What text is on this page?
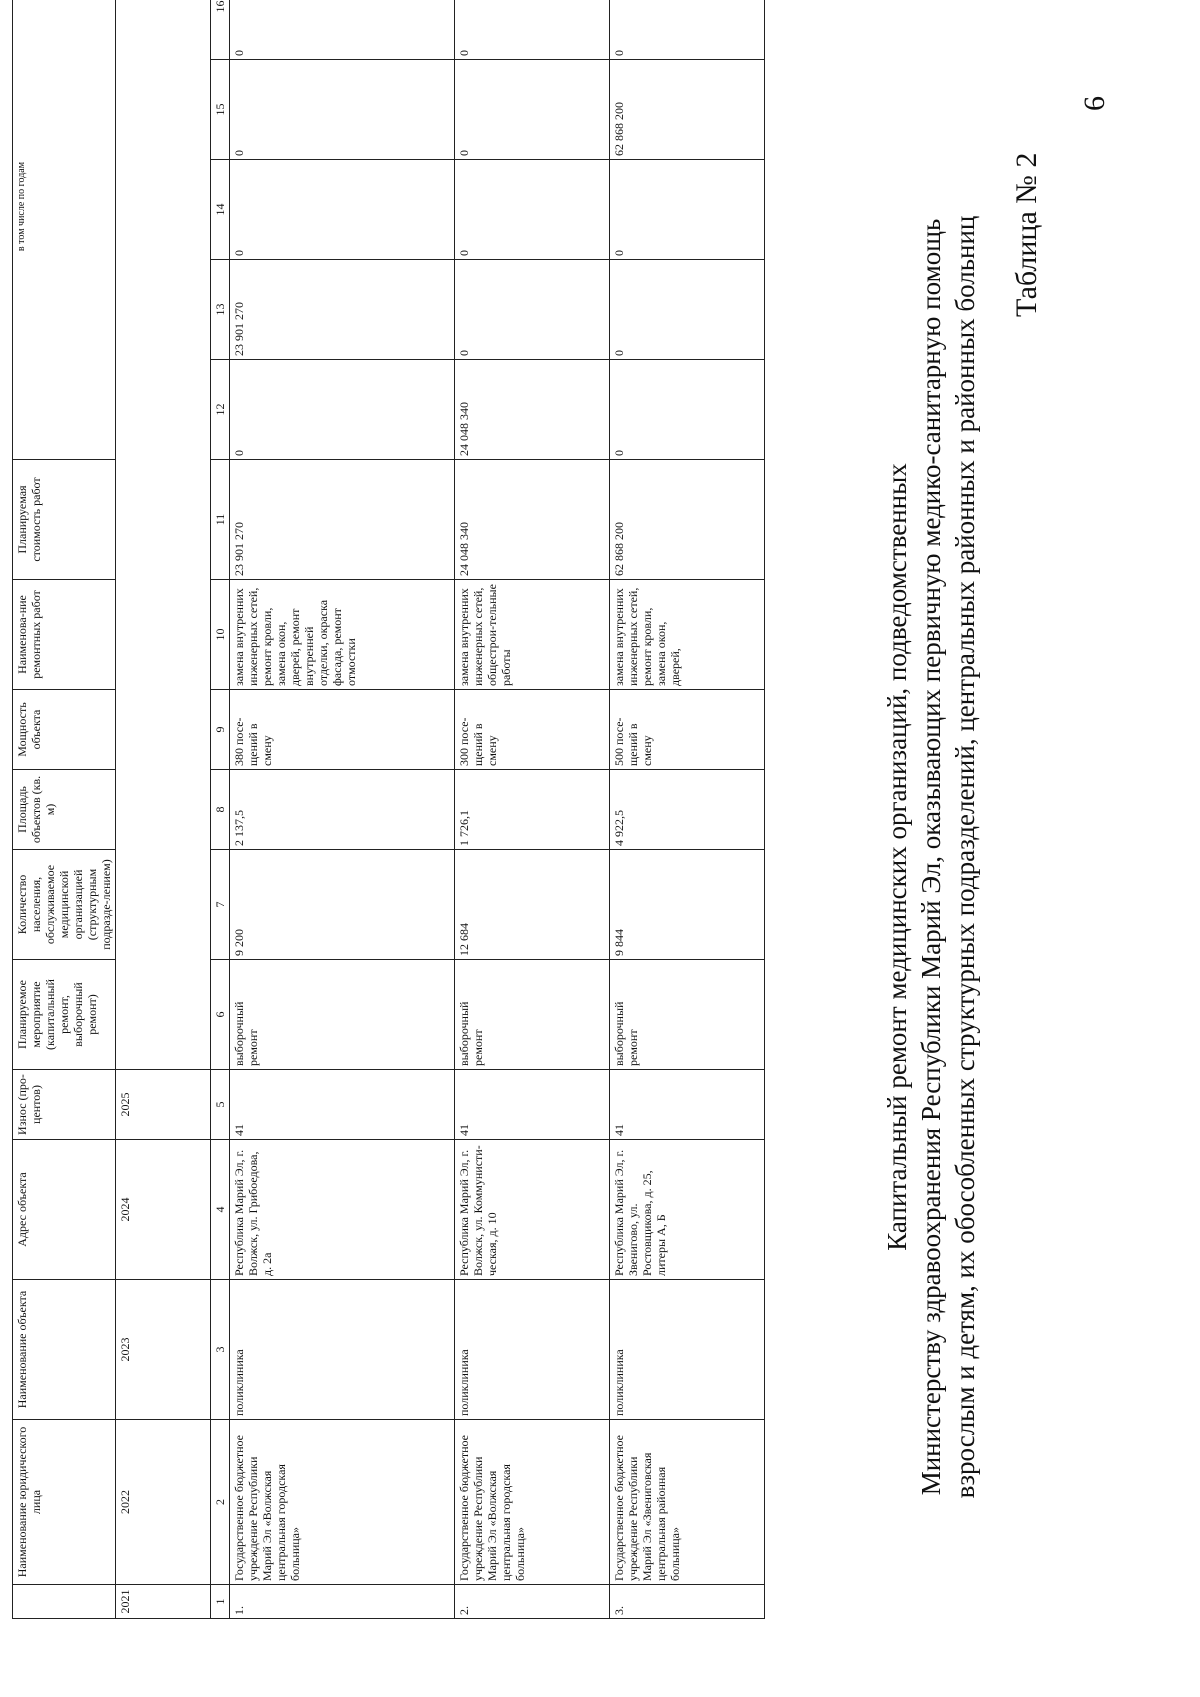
6
Таблица № 2
Капитальный ремонт медицинских организаций, подведомственных Министерству здравоохранения Республики Марий Эл, оказывающих первичную медико-санитарную помощь взрослым и детям, их обособленных структурных подразделений, центральных районных и районных больниц
3.	Государственное бюджетное учреждение Республики Марий Эл «Звениговская центральная районная больница»	поликлиника	Республика Марий Эл, г. Звенигово, ул. Ростовщикова, д. 25, литеры А, Б	41	выборочный ремонт	9 844	4 922,5	500 посе-щений в смену	замена внутренних инженерных сетей, ремонт кровли, замена окон, дверей,	62 868 200	0	0	0	62 868 200	0
2.	Государственное бюджетное учреждение Республики Марий Эл «Волжская центральная городская больница»	поликлиника	Республика Марий Эл, г. Волжск, ул. Коммунисти-ческая, д. 10	41	выборочный ремонт	12 684	1 726,1	300 посе-щений в смену	замена внутренних инженерных сетей, общестрои-тельные работы	24 048 340	24 048 340	0	0	0	0
1.	Государственное бюджетное учреждение Республики Марий Эл «Волжская центральная городская больница»	поликлиника	Республика Марий Эл, г. Волжск, ул. Грибоедова, д. 2а	41	выборочный ремонт	9 200	2 137,5	380 посе-щений в смену	замена внутренних инженерных сетей, ремонт кровли, замена окон, дверей, ремонт внутренней отделки, окраска фасада, ремонт отмостки	23 901 270	0	23 901 270	0	0	0
1	2	3	4	5	6	7	8	9	10	11	12	13	14	15	16
2021	2022	2023	2024	2025											
	Наименование юридического лица	Наименование объекта	Адрес объекта	Износ (про-центов)	Планируемое мероприятие (капитальный ремонт, выборочный ремонт)	Количество населения, обслуживаемое медицинской организацией (структурным подразде-лением)	Площадь объектов (кв. м)	Мощность объекта	Наименова-ние ремонтных работ	Планируемая стоимость работ	в том числе по годам				
